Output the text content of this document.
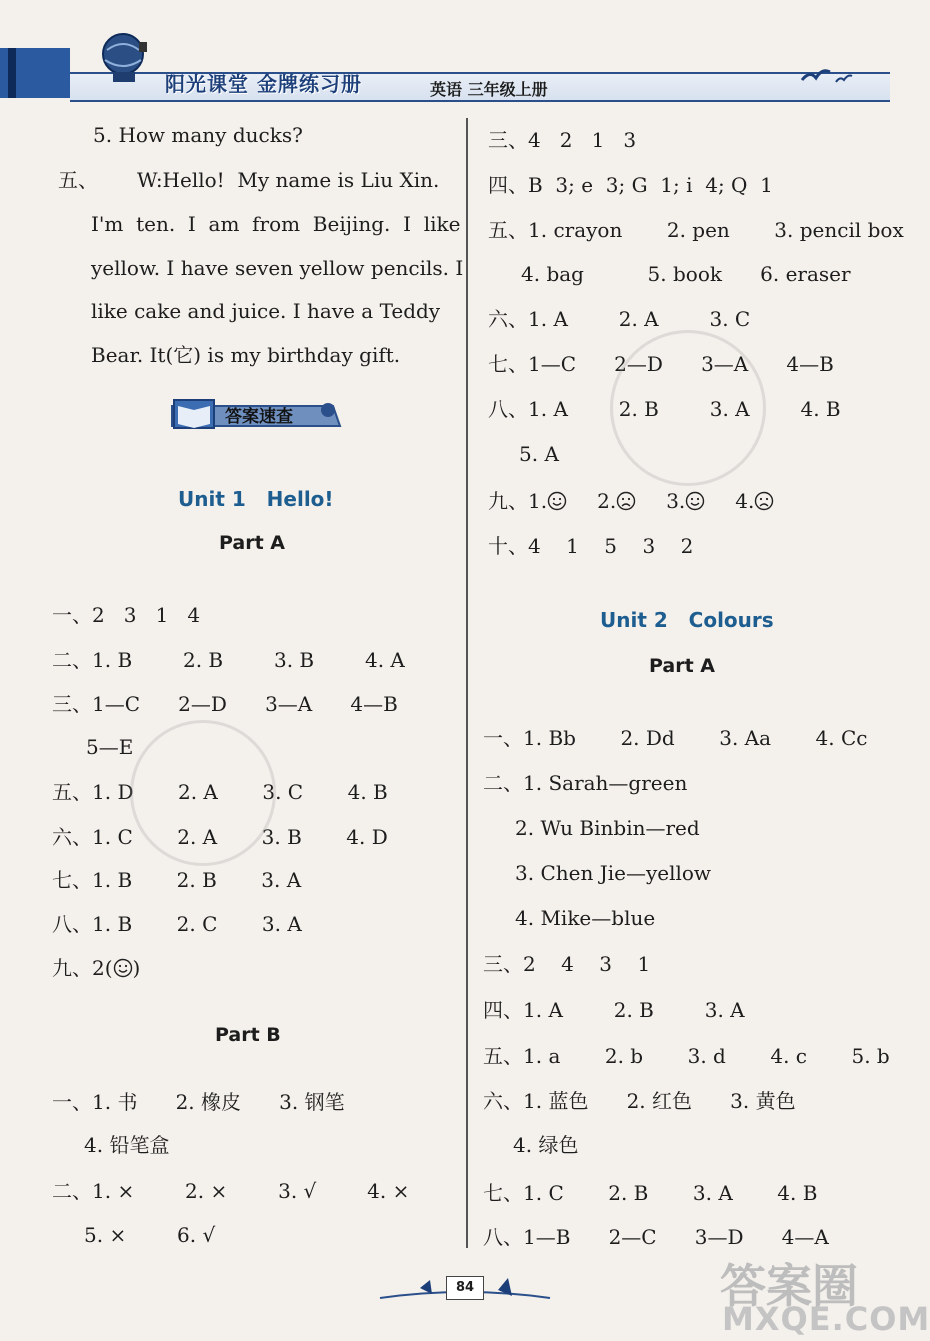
阳光课堂 金牌练习册	英语 三年级上册
5. How many ducks?
五、 W:Hello!  My name is Liu Xin.
I'm  ten.  I  am  from  Beijing.  I  like
yellow. I have seven yellow pencils. I
like cake and juice. I have a Teddy
Bear. It(它) is my birthday gift.
答案速查
Unit 1   Hello!
Part A
一、2   3   1   4
二、1. B        2. B        3. B        4. A
三、1—C      2—D      3—A      4—B
5—E
五、1. D       2. A       3. C       4. B
六、1. C       2. A       3. B       4. D
七、1. B       2. B       3. A
八、1. B       2. C       3. A
九、2( )
Part B
一、1. 书      2. 橡皮      3. 钢笔
4. 铅笔盒
二、1. ×        2. ×        3. √        4. ×
5. ×        6. √
三、4   2   1   3
四、B  3; e  3; G  1; i  4; Q  1
五、1. crayon       2. pen       3. pencil box
4. bag          5. book      6. eraser
六、1. A        2. A        3. C
七、1—C      2—D      3—A      4—B
八、1. A        2. B        3. A        4. B
5. A
九、1.	2.	3.	4.
十、4    1    5    3    2
Unit 2   Colours
Part A
一、1. Bb       2. Dd       3. Aa       4. Cc
二、1. Sarah—green
2. Wu Binbin—red
3. Chen Jie—yellow
4. Mike—blue
三、2    4    3    1
四、1. A        2. B        3. A
五、1. a       2. b       3. d       4. c       5. b
六、1. 蓝色      2. 红色      3. 黄色
4. 绿色
七、1. C       2. B       3. A       4. B
八、1—B      2—C      3—D      4—A
84	答案圈
MXQE.COM
